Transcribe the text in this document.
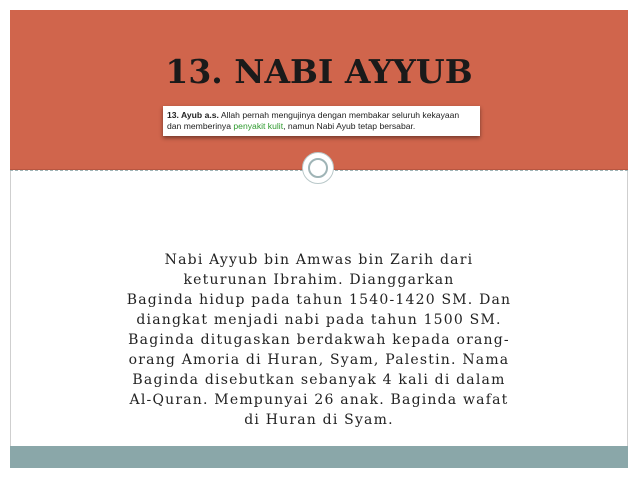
13. NABI AYYUB
13. Ayub a.s. Allah pernah mengujinya dengan membakar seluruh kekayaan
dan memberinya penyakit kulit, namun Nabi Ayub tetap bersabar.
Nabi Ayyub bin Amwas bin Zarih dari
keturunan Ibrahim. Dianggarkan
Baginda hidup pada tahun 1540-1420 SM. Dan
diangkat menjadi nabi pada tahun 1500 SM.
Baginda ditugaskan berdakwah kepada orang-
orang Amoria di Huran, Syam, Palestin. Nama
Baginda disebutkan sebanyak 4 kali di dalam
Al-Quran. Mempunyai 26 anak. Baginda wafat
di Huran di Syam.
